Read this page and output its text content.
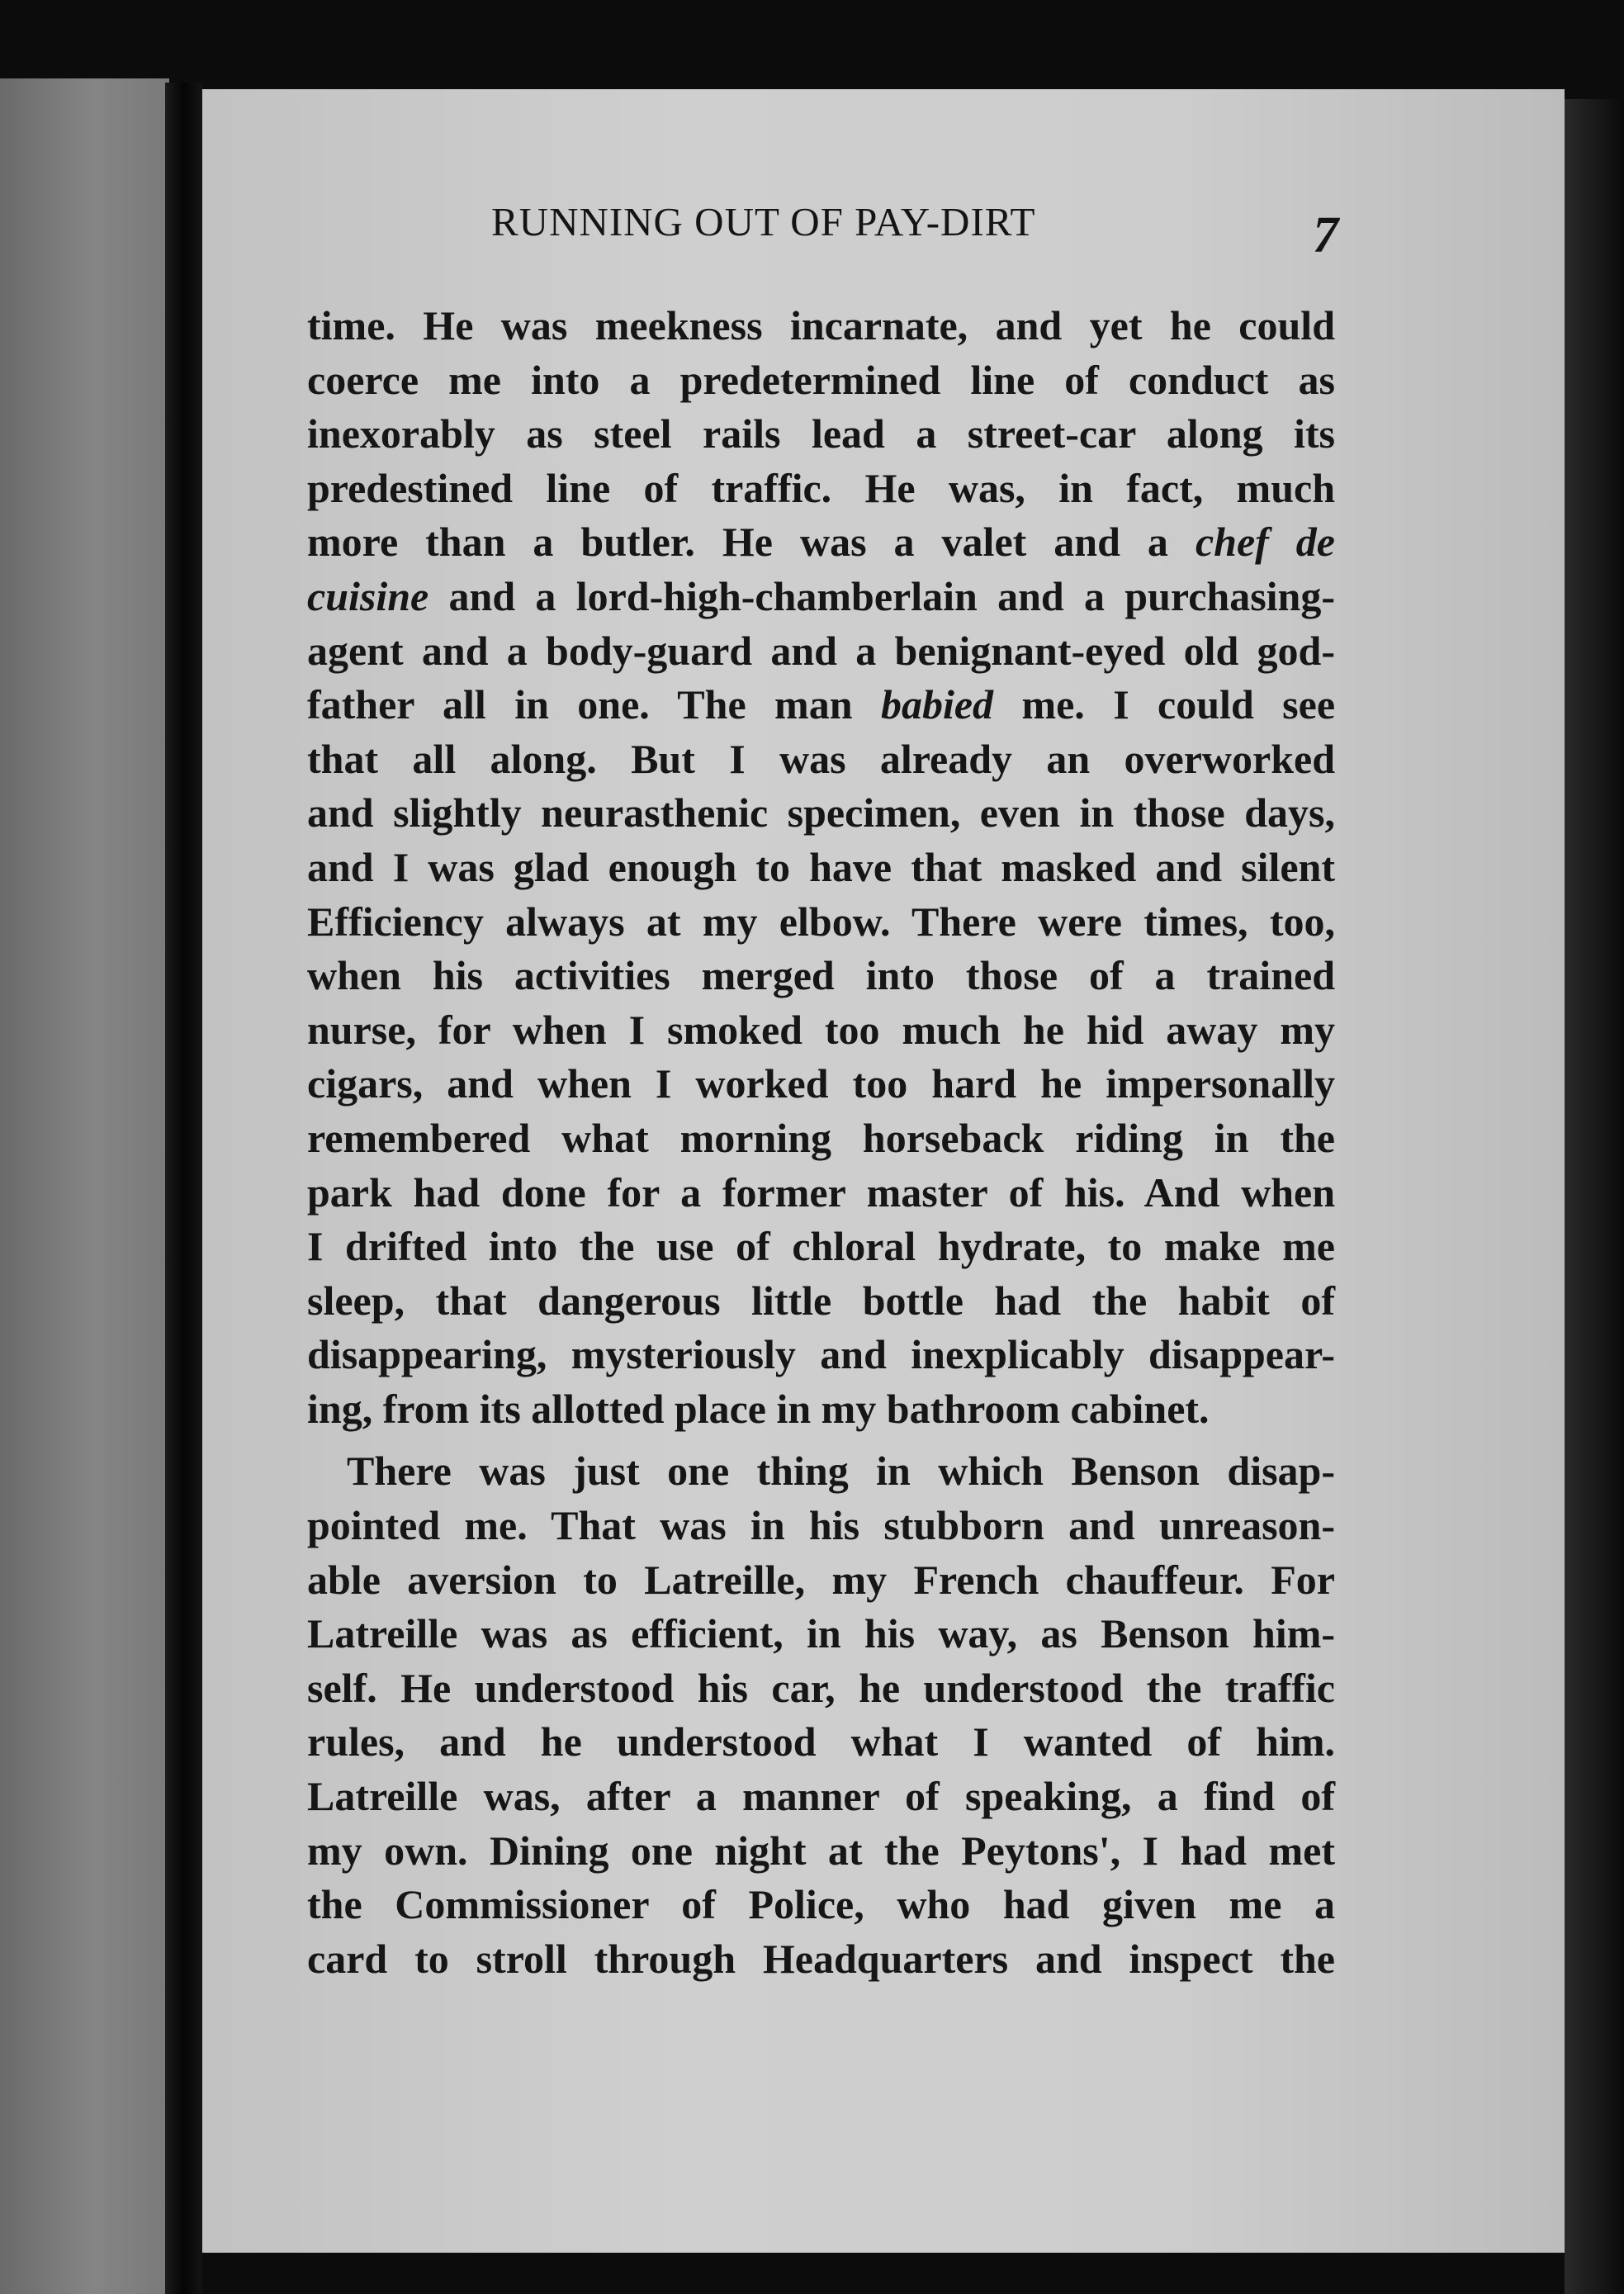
RUNNING OUT OF PAY-DIRT	7
time. He was meekness incarnate, and yet he could
coerce me into a predetermined line of conduct as
inexorably as steel rails lead a street-car along its
predestined line of traffic. He was, in fact, much
more than a butler. He was a valet and a chef de
cuisine and a lord-high-chamberlain and a purchasing-
agent and a body-guard and a benignant-eyed old god-
father all in one. The man babied me. I could see
that all along. But I was already an overworked
and slightly neurasthenic specimen, even in those days,
and I was glad enough to have that masked and silent
Efficiency always at my elbow. There were times, too,
when his activities merged into those of a trained
nurse, for when I smoked too much he hid away my
cigars, and when I worked too hard he impersonally
remembered what morning horseback riding in the
park had done for a former master of his. And when
I drifted into the use of chloral hydrate, to make me
sleep, that dangerous little bottle had the habit of
disappearing, mysteriously and inexplicably disappear-
ing, from its allotted place in my bathroom cabinet.
There was just one thing in which Benson disap-
pointed me. That was in his stubborn and unreason-
able aversion to Latreille, my French chauffeur. For
Latreille was as efficient, in his way, as Benson him-
self. He understood his car, he understood the traffic
rules, and he understood what I wanted of him.
Latreille was, after a manner of speaking, a find of
my own. Dining one night at the Peytons', I had met
the Commissioner of Police, who had given me a
card to stroll through Headquarters and inspect the
